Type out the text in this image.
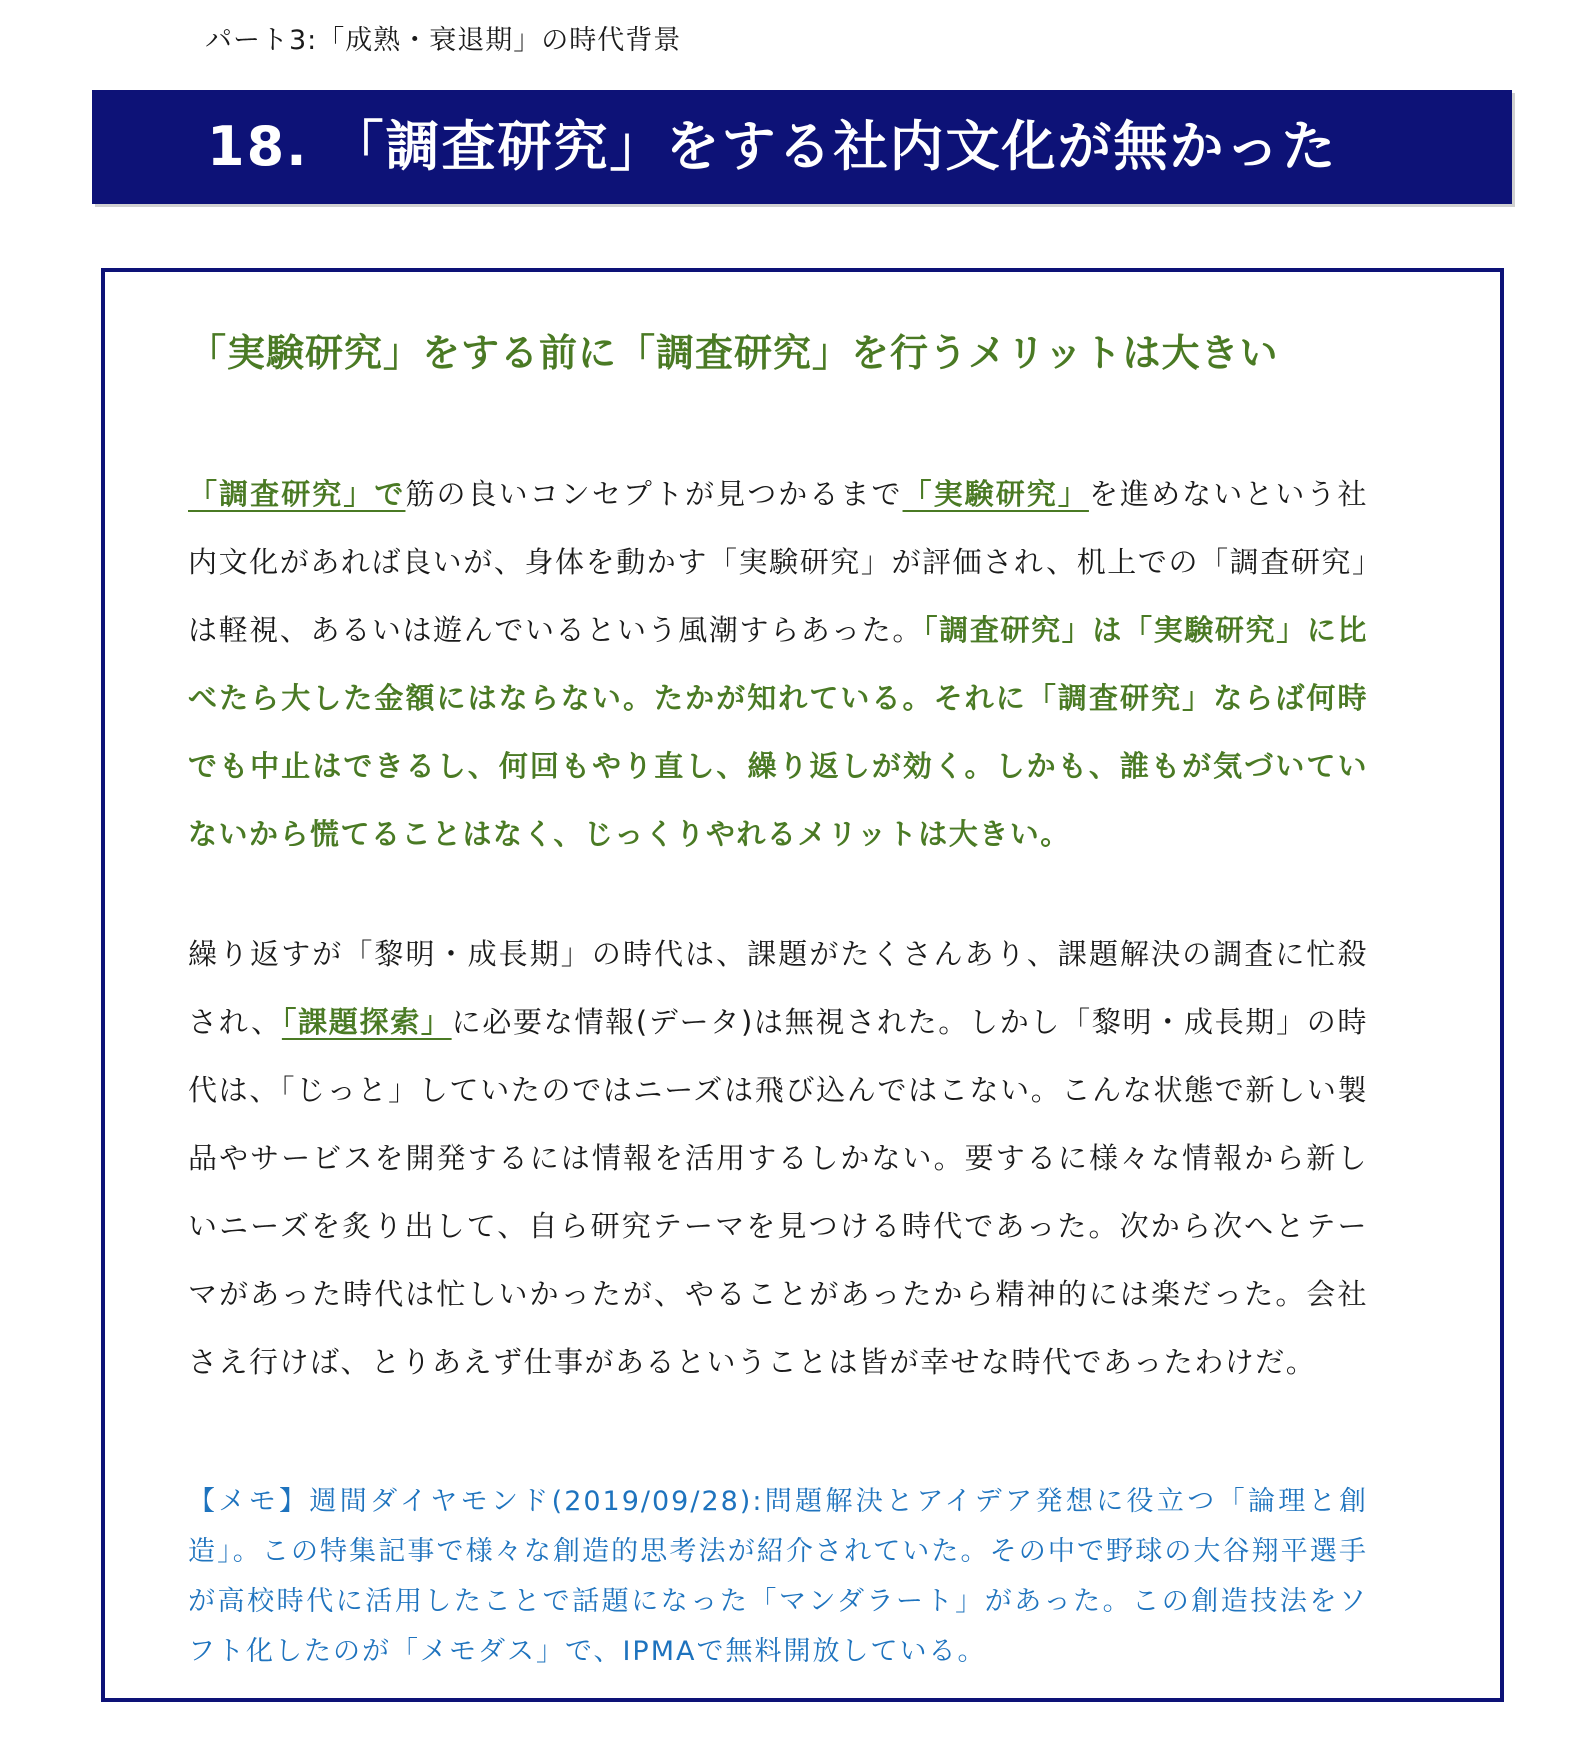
パート3:「成熟・衰退期」の時代背景
18. 「調査研究」をする社内文化が無かった
「実験研究」をする前に「調査研究」を行うメリットは大きい
「調査研究」で筋の良いコンセプトが見つかるまで「実験研究」を進めないという社内文化があれば良いが、身体を動かす「実験研究」が評価され、机上での「調査研究」は軽視、あるいは遊んでいるという風潮すらあった。「調査研究」は「実験研究」に比べたら大した金額にはならない。たかが知れている。それに「調査研究」ならば何時でも中止はできるし、何回もやり直し、繰り返しが効く。しかも、誰もが気づいていないから慌てることはなく、じっくりやれるメリットは大きい。
繰り返すが「黎明・成長期」の時代は、課題がたくさんあり、課題解決の調査に忙殺され、「課題探索」に必要な情報(データ)は無視された。しかし「黎明・成長期」の時代は、「じっと」していたのではニーズは飛び込んではこない。こんな状態で新しい製品やサービスを開発するには情報を活用するしかない。要するに様々な情報から新しいニーズを炙り出して、自ら研究テーマを見つける時代であった。次から次へとテーマがあった時代は忙しいかったが、やることがあったから精神的には楽だった。会社さえ行けば、とりあえず仕事があるということは皆が幸せな時代であったわけだ。
【メモ】週間ダイヤモンド(2019/09/28):問題解決とアイデア発想に役立つ「論理と創造」。この特集記事で様々な創造的思考法が紹介されていた。その中で野球の大谷翔平選手が高校時代に活用したことで話題になった「マンダラート」があった。この創造技法をソフト化したのが「メモダス」で、IPMAで無料開放している。
